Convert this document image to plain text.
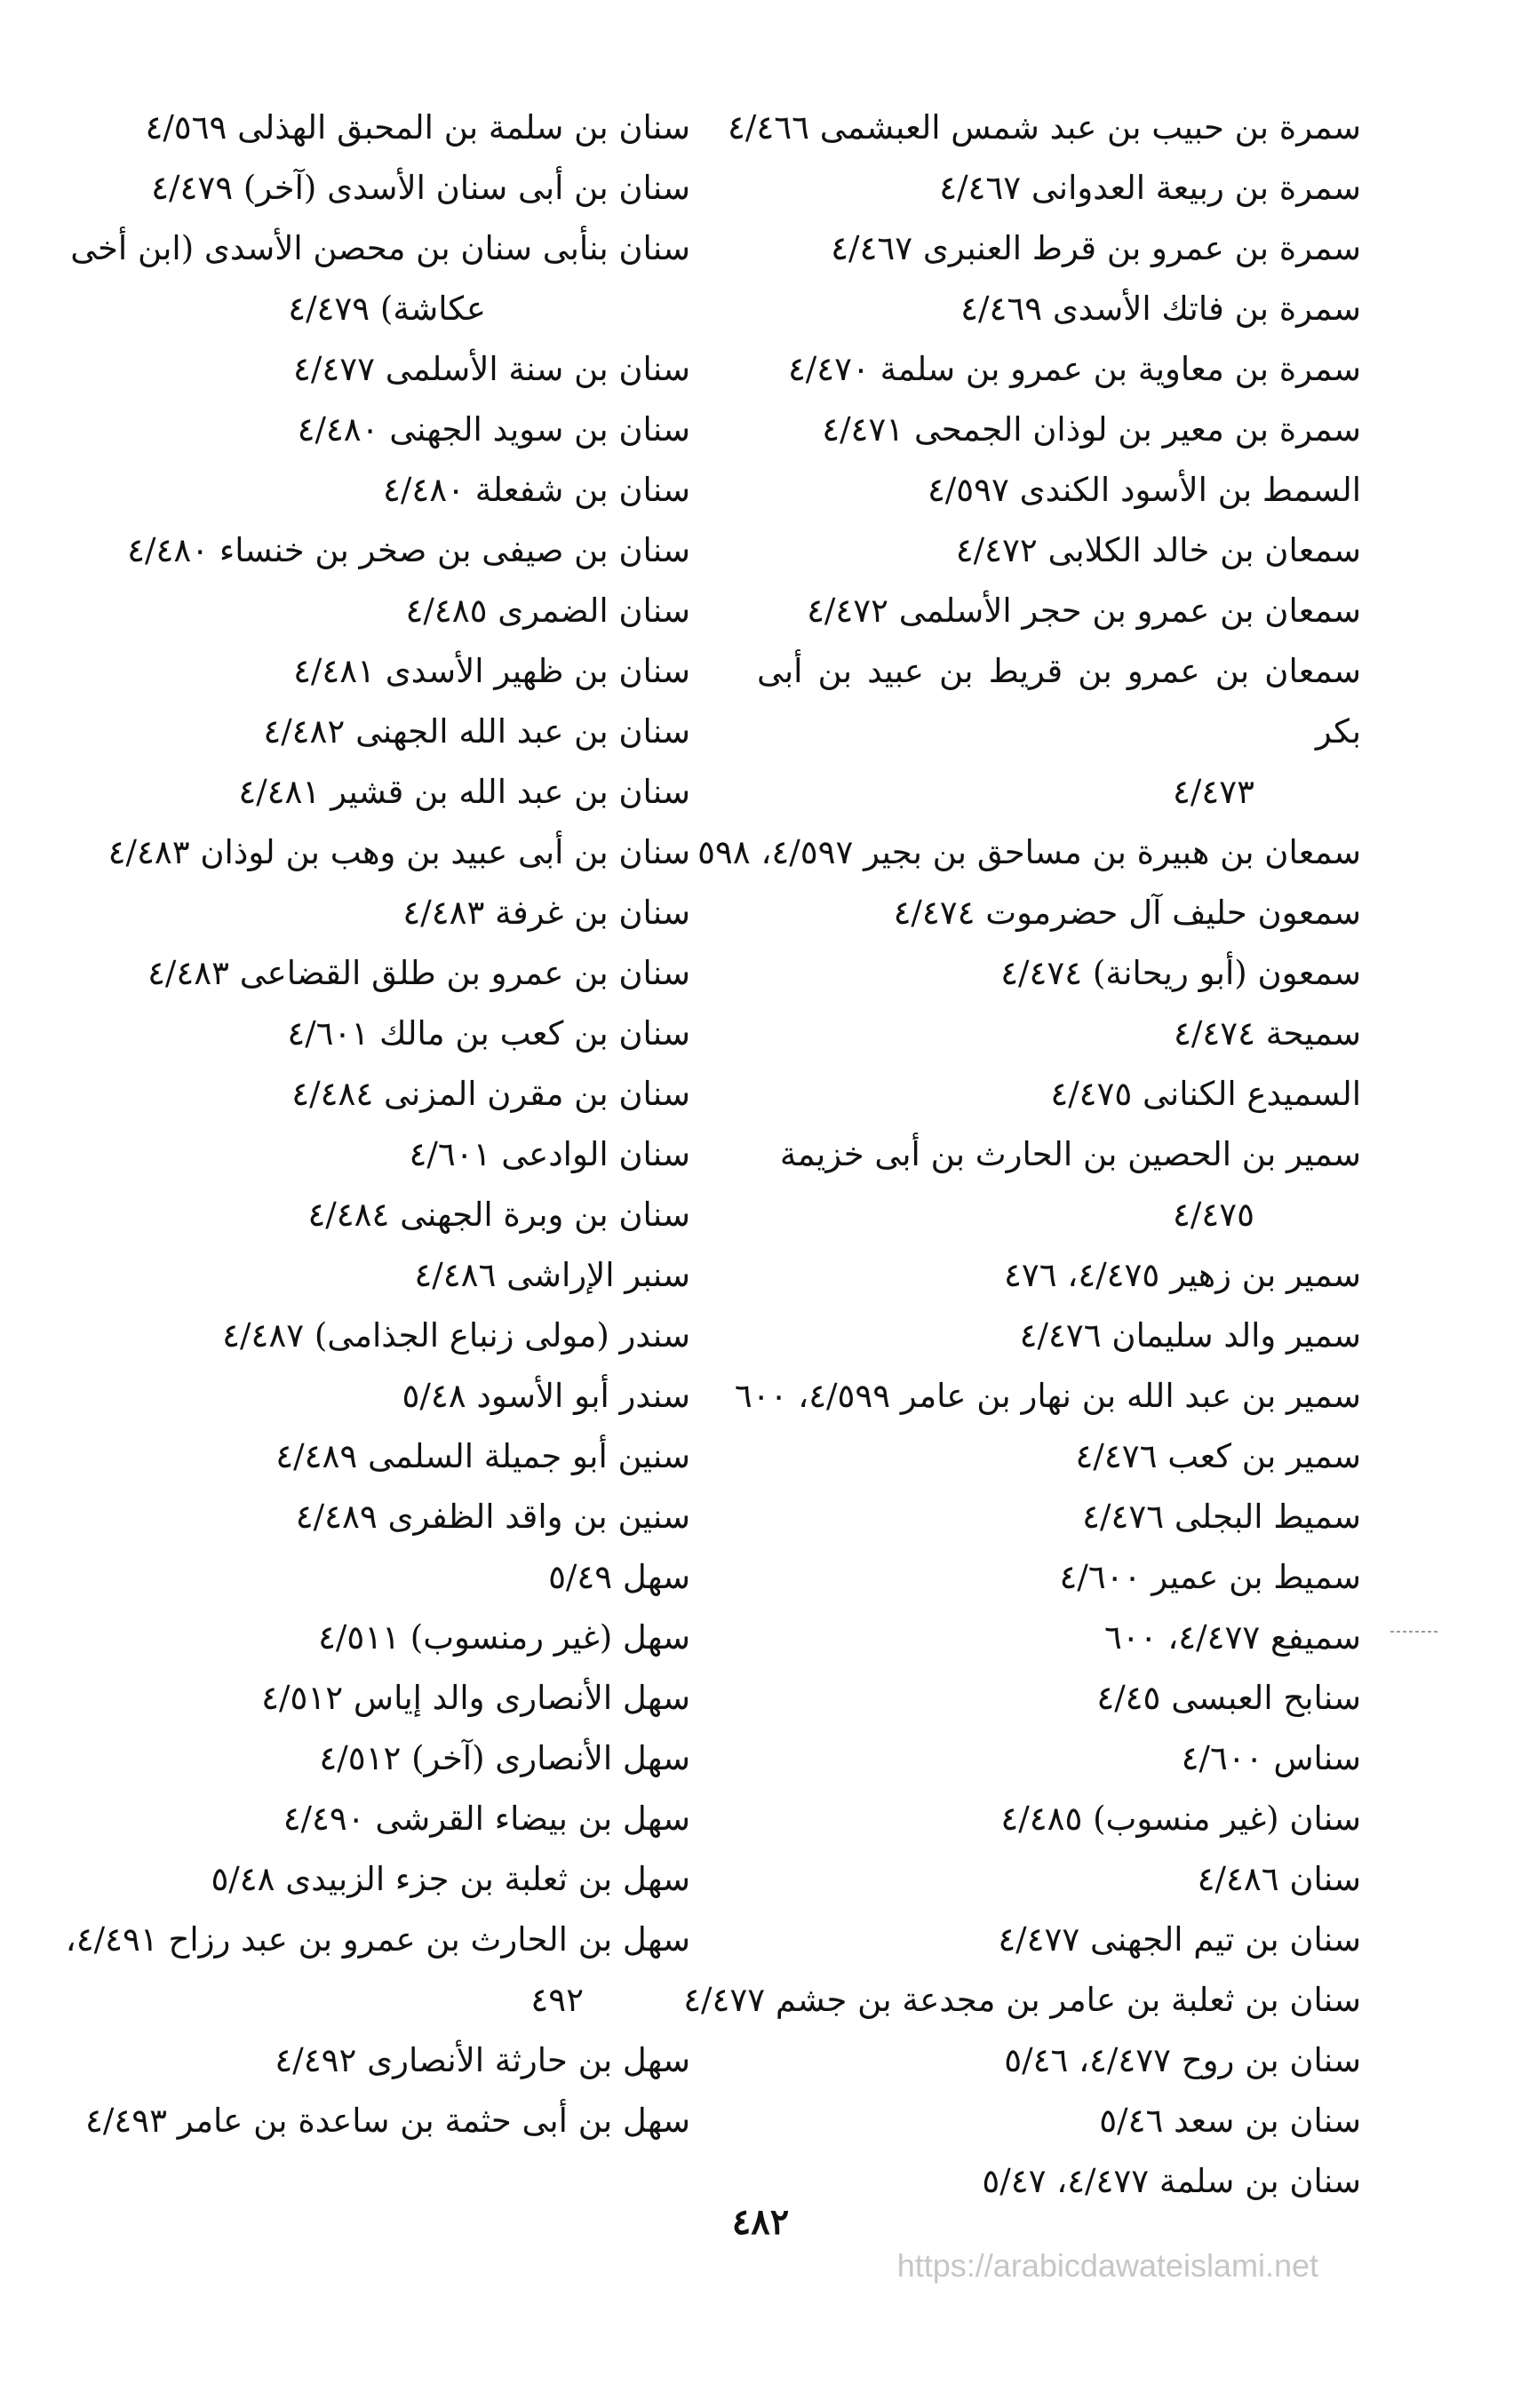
سمرة بن حبيب بن عبد شمس العبشمى ٤/٤٦٦
سمرة بن ربيعة العدوانى ٤/٤٦٧
سمرة بن عمرو بن قرط العنبرى ٤/٤٦٧
سمرة بن فاتك الأسدى ٤/٤٦٩
سمرة بن معاوية بن عمرو بن سلمة ٤/٤٧٠
سمرة بن معير بن لوذان الجمحى ٤/٤٧١
السمط بن الأسود الكندى ٤/٥٩٧
سمعان بن خالد الكلابى ٤/٤٧٢
سمعان بن عمرو بن حجر الأسلمى ٤/٤٧٢
سمعان بن عمرو بن قريط بن عبيد بن أبى بكر
٤/٤٧٣
سمعان بن هبيرة بن مساحق بن بجير ٤/٥٩٧، ٥٩٨
سمعون حليف آل حضرموت ٤/٤٧٤
سمعون (أبو ريحانة) ٤/٤٧٤
سميحة ٤/٤٧٤
السميدع الكنانى ٤/٤٧٥
سمير بن الحصين بن الحارث بن أبى خزيمة
٤/٤٧٥
سمير بن زهير ٤/٤٧٥، ٤٧٦
سمير والد سليمان ٤/٤٧٦
سمير بن عبد الله بن نهار بن عامر ٤/٥٩٩، ٦٠٠
سمير بن كعب ٤/٤٧٦
سميط البجلى ٤/٤٧٦
سميط بن عمير ٤/٦٠٠
سميفع ٤/٤٧٧، ٦٠٠
سنابح العبسى ٤/٤٥
سناس ٤/٦٠٠
سنان (غير منسوب) ٤/٤٨٥
سنان ٤/٤٨٦
سنان بن تيم الجهنى ٤/٤٧٧
سنان بن ثعلبة بن عامر بن مجدعة بن جشم ٤/٤٧٧
سنان بن روح ٤/٤٧٧، ٥/٤٦
سنان بن سعد ٥/٤٦
سنان بن سلمة ٤/٤٧٧، ٥/٤٧
سنان بن سلمة بن المحبق الهذلى ٤/٥٦٩
سنان بن أبى سنان الأسدى (آخر) ٤/٤٧٩
سنان بنأبى سنان بن محصن الأسدى (ابن أخى
عكاشة) ٤/٤٧٩
سنان بن سنة الأسلمى ٤/٤٧٧
سنان بن سويد الجهنى ٤/٤٨٠
سنان بن شفعلة ٤/٤٨٠
سنان بن صيفى بن صخر بن خنساء ٤/٤٨٠
سنان الضمرى ٤/٤٨٥
سنان بن ظهير الأسدى ٤/٤٨١
سنان بن عبد الله الجهنى ٤/٤٨٢
سنان بن عبد الله بن قشير ٤/٤٨١
سنان بن أبى عبيد بن وهب بن لوذان ٤/٤٨٣
سنان بن غرفة ٤/٤٨٣
سنان بن عمرو بن طلق القضاعى ٤/٤٨٣
سنان بن كعب بن مالك ٤/٦٠١
سنان بن مقرن المزنى ٤/٤٨٤
سنان الوادعى ٤/٦٠١
سنان بن وبرة الجهنى ٤/٤٨٤
سنبر الإراشى ٤/٤٨٦
سندر (مولى زنباع الجذامى) ٤/٤٨٧
سندر أبو الأسود ٥/٤٨
سنين أبو جميلة السلمى ٤/٤٨٩
سنين بن واقد الظفرى ٤/٤٨٩
سهل ٥/٤٩
سهل (غير رمنسوب) ٤/٥١١
سهل الأنصارى والد إياس ٤/٥١٢
سهل الأنصارى (آخر) ٤/٥١٢
سهل بن بيضاء القرشى ٤/٤٩٠
سهل بن ثعلبة بن جزء الزبيدى ٥/٤٨
سهل بن الحارث بن عمرو بن عبد رزاح ٤/٤٩١،
٤٩٢
سهل بن حارثة الأنصارى ٤/٤٩٢
سهل بن أبى حثمة بن ساعدة بن عامر ٤/٤٩٣
٤٨٢
https://arabicdawateislami.net
